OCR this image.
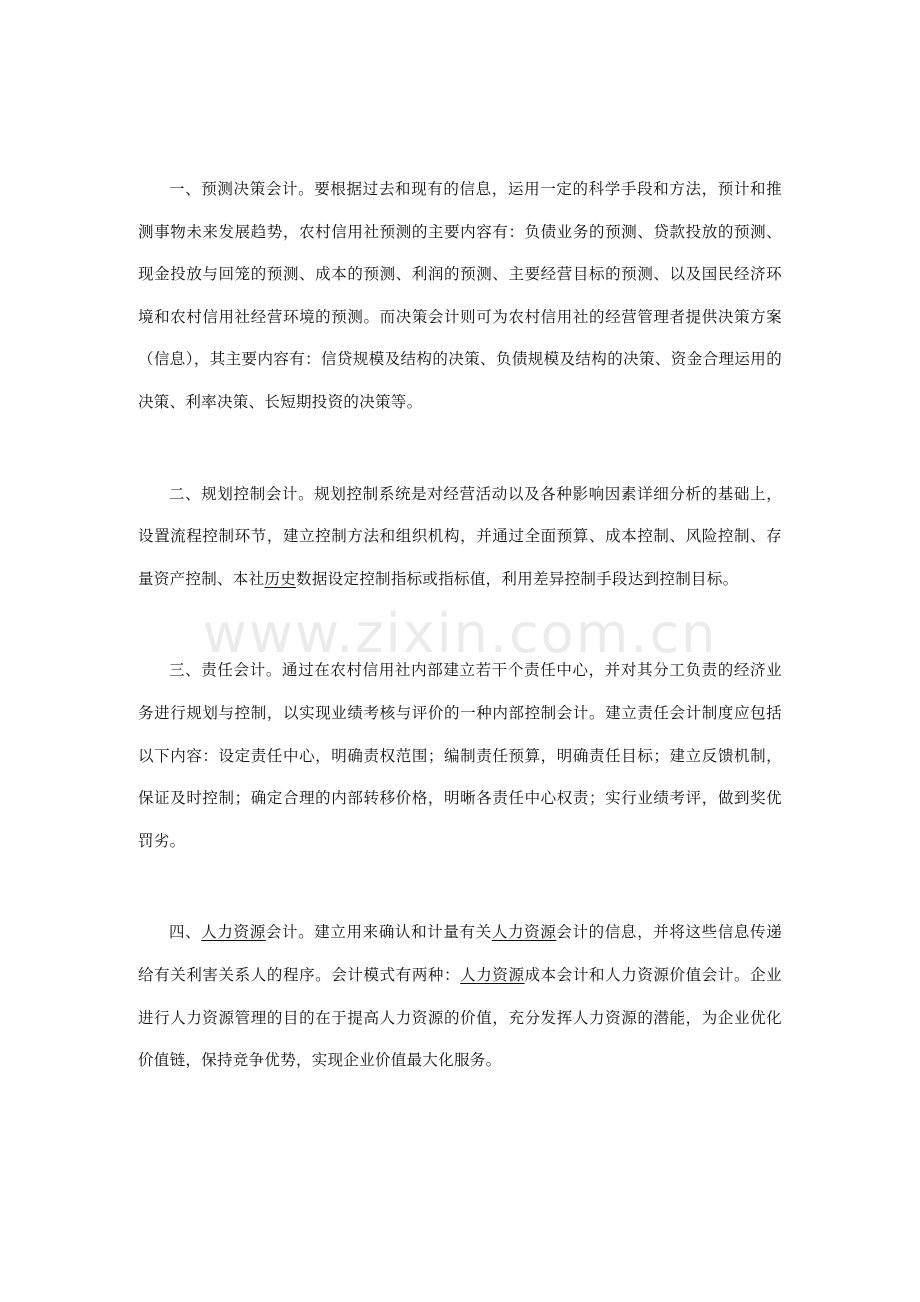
www.zixin.com.cn

一、预测决策会计。要根据过去和现有的信息，运用一定的科学手段和方法，预计和推测事物未来发展趋势，农村信用社预测的主要内容有：负债业务的预测、贷款投放的预测、现金投放与回笼的预测、成本的预测、利润的预测、主要经营目标的预测、以及国民经济环境和农村信用社经营环境的预测。而决策会计则可为农村信用社的经营管理者提供决策方案（信息），其主要内容有：信贷规模及结构的决策、负债规模及结构的决策、资金合理运用的决策、利率决策、长短期投资的决策等。

二、规划控制会计。规划控制系统是对经营活动以及各种影响因素详细分析的基础上，设置流程控制环节，建立控制方法和组织机构，并通过全面预算、成本控制、风险控制、存量资产控制、本社历史数据设定控制指标或指标值，利用差异控制手段达到控制目标。

三、责任会计。通过在农村信用社内部建立若干个责任中心，并对其分工负责的经济业务进行规划与控制，以实现业绩考核与评价的一种内部控制会计。建立责任会计制度应包括以下内容：设定责任中心，明确责权范围；编制责任预算，明确责任目标；建立反馈机制，保证及时控制；确定合理的内部转移价格，明晰各责任中心权责；实行业绩考评，做到奖优罚劣。

四、人力资源会计。建立用来确认和计量有关人力资源会计的信息，并将这些信息传递给有关利害关系人的程序。会计模式有两种：人力资源成本会计和人力资源价值会计。企业进行人力资源管理的目的在于提高人力资源的价值，充分发挥人力资源的潜能，为企业优化价值链，保持竞争优势，实现企业价值最大化服务。
